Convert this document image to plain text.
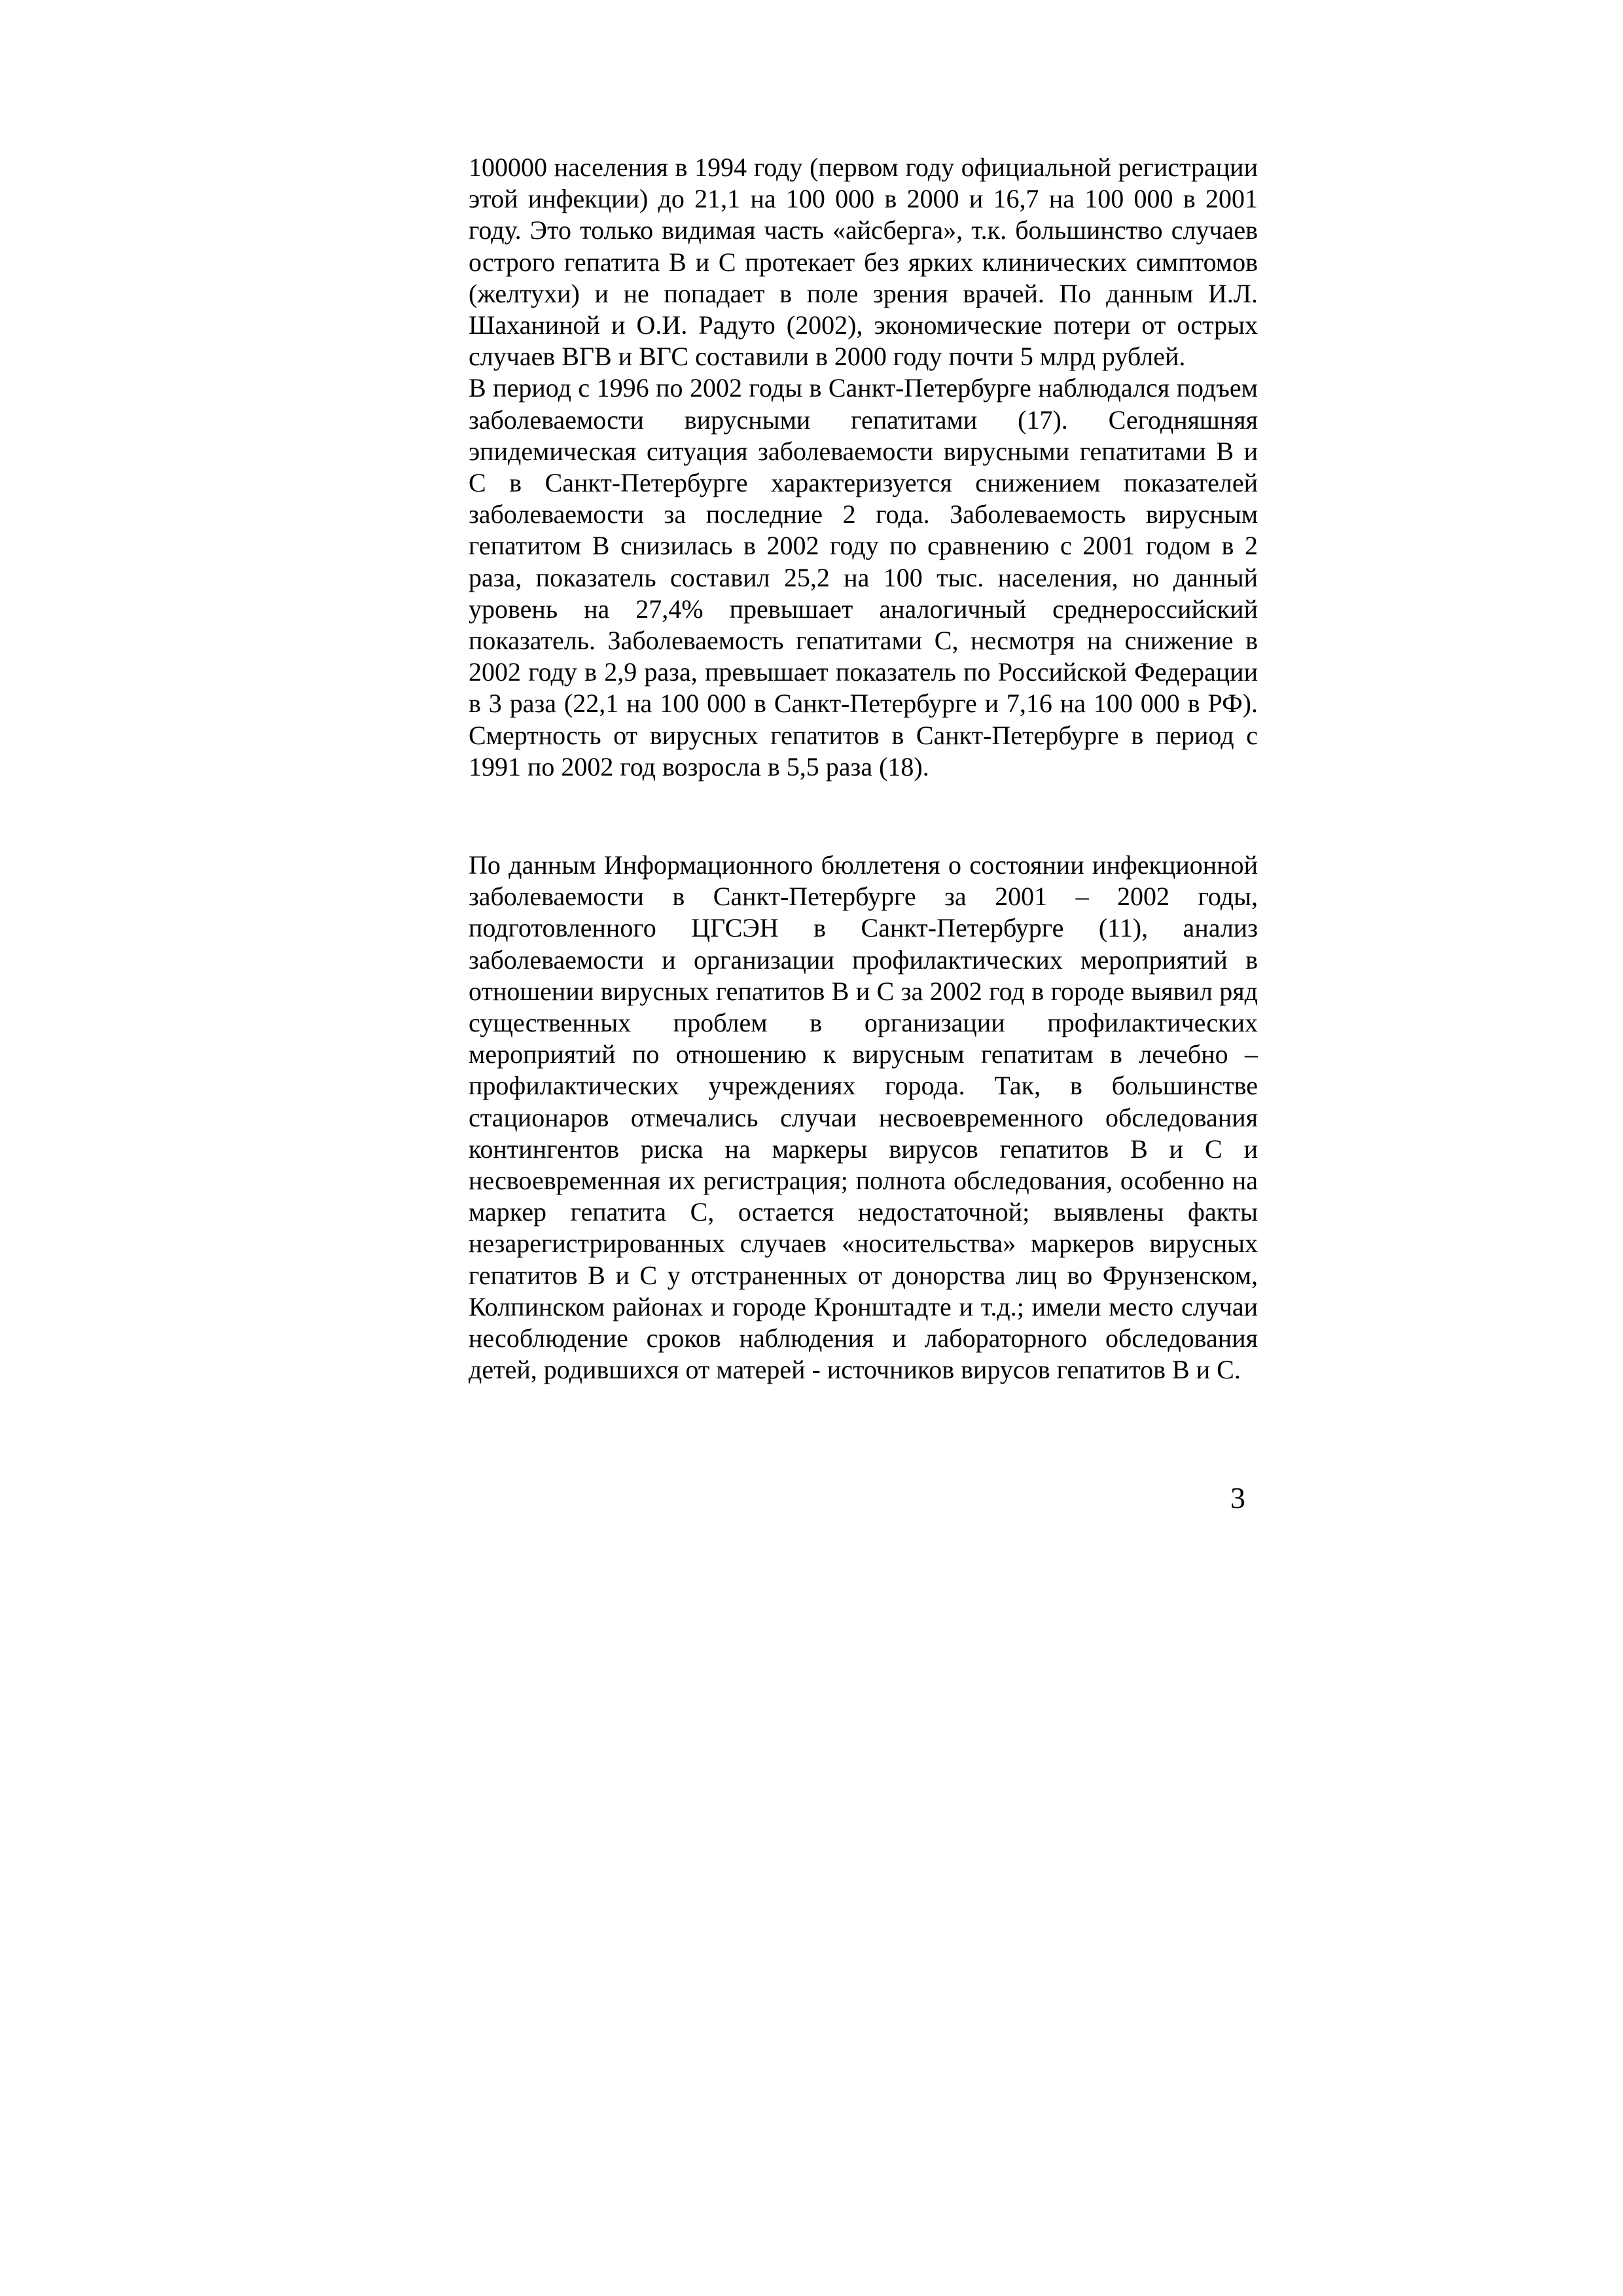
100000 населения в 1994 году (первом году официальной регистрации этой инфекции) до 21,1 на 100 000 в 2000 и 16,7 на 100 000 в 2001 году. Это только видимая часть «айсберга», т.к. большинство случаев острого гепатита В и С протекает без ярких клинических симптомов (желтухи) и не попадает в поле зрения врачей. По данным И.Л. Шаханиной и О.И. Радуто (2002), экономические потери от острых случаев ВГВ и ВГС составили в 2000 году почти 5 млрд рублей.

В период с 1996 по 2002 годы в Санкт-Петербурге наблюдался подъем заболеваемости вирусными гепатитами (17). Сегодняшняя эпидемическая ситуация заболеваемости вирусными гепатитами В и С в Санкт-Петербурге характеризуется снижением показателей заболеваемости за последние 2 года. Заболеваемость вирусным гепатитом В снизилась в 2002 году по сравнению с 2001 годом в 2 раза, показатель составил 25,2 на 100 тыс. населения, но данный уровень на 27,4% превышает аналогичный среднероссийский показатель. Заболеваемость гепатитами С, несмотря на снижение в 2002 году в 2,9 раза, превышает показатель по Российской Федерации в 3 раза (22,1 на 100 000 в Санкт-Петербурге и 7,16 на 100 000 в РФ). Смертность от вирусных гепатитов в Санкт-Петербурге в период с 1991 по 2002 год возросла в 5,5 раза (18).

По данным Информационного бюллетеня о состоянии инфекционной заболеваемости в Санкт-Петербурге за 2001 – 2002 годы, подготовленного ЦГСЭН в Санкт-Петербурге (11), анализ заболеваемости и организации профилактических мероприятий в отношении вирусных гепатитов В и С за 2002 год в городе выявил ряд существенных проблем в организации профилактических мероприятий по отношению к вирусным гепатитам в лечебно – профилактических учреждениях города. Так, в большинстве стационаров отмечались случаи несвоевременного обследования контингентов риска на маркеры вирусов гепатитов В и С и несвоевременная их регистрация; полнота обследования, особенно на маркер гепатита С, остается недостаточной; выявлены факты незарегистрированных случаев «носительства» маркеров вирусных гепатитов В и С у отстраненных от донорства лиц во Фрунзенском, Колпинском районах и городе Кронштадте и т.д.; имели место случаи несоблюдение сроков наблюдения и лабораторного обследования детей, родившихся от матерей - источников вирусов гепатитов В и С.

3
